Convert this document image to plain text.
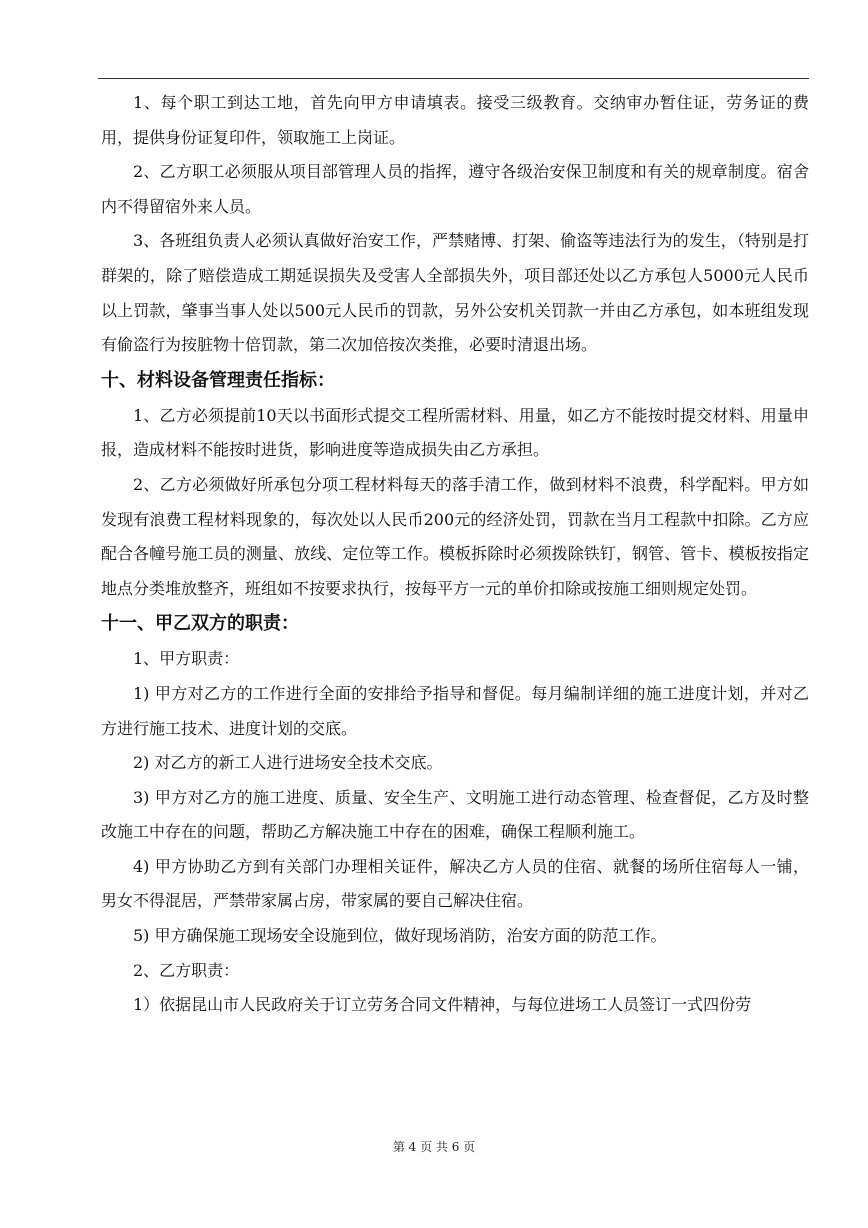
1、每个职工到达工地，首先向甲方申请填表。接受三级教育。交纳审办暂住证，劳务证的费用，提供身份证复印件，领取施工上岗证。

2、乙方职工必须服从项目部管理人员的指挥，遵守各级治安保卫制度和有关的规章制度。宿舍内不得留宿外来人员。

3、各班组负责人必须认真做好治安工作，严禁赌博、打架、偷盗等违法行为的发生，（特别是打群架的，除了赔偿造成工期延误损失及受害人全部损失外，项目部还处以乙方承包人5000元人民币以上罚款，肇事当事人处以500元人民币的罚款，另外公安机关罚款一并由乙方承包，如本班组发现有偷盗行为按脏物十倍罚款，第二次加倍按次类推，必要时清退出场。

十、材料设备管理责任指标：

1、乙方必须提前10天以书面形式提交工程所需材料、用量，如乙方不能按时提交材料、用量申报，造成材料不能按时进货，影响进度等造成损失由乙方承担。

2、乙方必须做好所承包分项工程材料每天的落手清工作，做到材料不浪费，科学配料。甲方如发现有浪费工程材料现象的，每次处以人民币200元的经济处罚，罚款在当月工程款中扣除。乙方应配合各幢号施工员的测量、放线、定位等工作。模板拆除时必须拨除铁钉，钢管、管卡、模板按指定地点分类堆放整齐，班组如不按要求执行，按每平方一元的单价扣除或按施工细则规定处罚。

十一、甲乙双方的职责：

1、甲方职责：

1) 甲方对乙方的工作进行全面的安排给予指导和督促。每月编制详细的施工进度计划，并对乙方进行施工技术、进度计划的交底。

2) 对乙方的新工人进行进场安全技术交底。

3) 甲方对乙方的施工进度、质量、安全生产、文明施工进行动态管理、检查督促，乙方及时整改施工中存在的问题，帮助乙方解决施工中存在的困难，确保工程顺利施工。

4) 甲方协助乙方到有关部门办理相关证件，解决乙方人员的住宿、就餐的场所住宿每人一铺，男女不得混居，严禁带家属占房，带家属的要自己解决住宿。

5) 甲方确保施工现场安全设施到位，做好现场消防，治安方面的防范工作。

2、乙方职责：

1）依据昆山市人民政府关于订立劳务合同文件精神，与每位进场工人员签订一式四份劳

第 4 页 共 6 页
